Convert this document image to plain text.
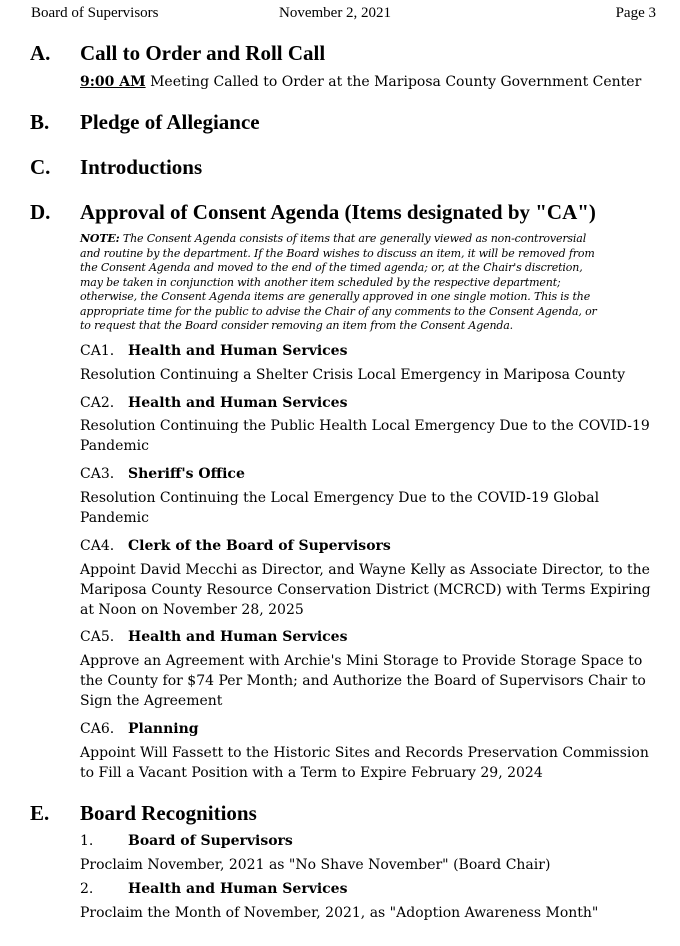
Board of Supervisors	November 2, 2021	Page 3
A. Call to Order and Roll Call
9:00 AM Meeting Called to Order at the Mariposa County Government Center
B. Pledge of Allegiance
C. Introductions
D. Approval of Consent Agenda (Items designated by "CA")
NOTE: The Consent Agenda consists of items that are generally viewed as non-controversial
and routine by the department. If the Board wishes to discuss an item, it will be removed from
the Consent Agenda and moved to the end of the timed agenda; or, at the Chair's discretion,
may be taken in conjunction with another item scheduled by the respective department;
otherwise, the Consent Agenda items are generally approved in one single motion. This is the
appropriate time for the public to advise the Chair of any comments to the Consent Agenda, or
to request that the Board consider removing an item from the Consent Agenda.
CA1. Health and Human Services
Resolution Continuing a Shelter Crisis Local Emergency in Mariposa County
CA2. Health and Human Services
Resolution Continuing the Public Health Local Emergency Due to the COVID-19
Pandemic
CA3. Sheriff's Office
Resolution Continuing the Local Emergency Due to the COVID-19 Global
Pandemic
CA4. Clerk of the Board of Supervisors
Appoint David Mecchi as Director, and Wayne Kelly as Associate Director, to the
Mariposa County Resource Conservation District (MCRCD) with Terms Expiring
at Noon on November 28, 2025
CA5. Health and Human Services
Approve an Agreement with Archie's Mini Storage to Provide Storage Space to
the County for $74 Per Month; and Authorize the Board of Supervisors Chair to
Sign the Agreement
CA6. Planning
Appoint Will Fassett to the Historic Sites and Records Preservation Commission
to Fill a Vacant Position with a Term to Expire February 29, 2024
E. Board Recognitions
1. Board of Supervisors
Proclaim November, 2021 as "No Shave November" (Board Chair)
2. Health and Human Services
Proclaim the Month of November, 2021, as "Adoption Awareness Month"
